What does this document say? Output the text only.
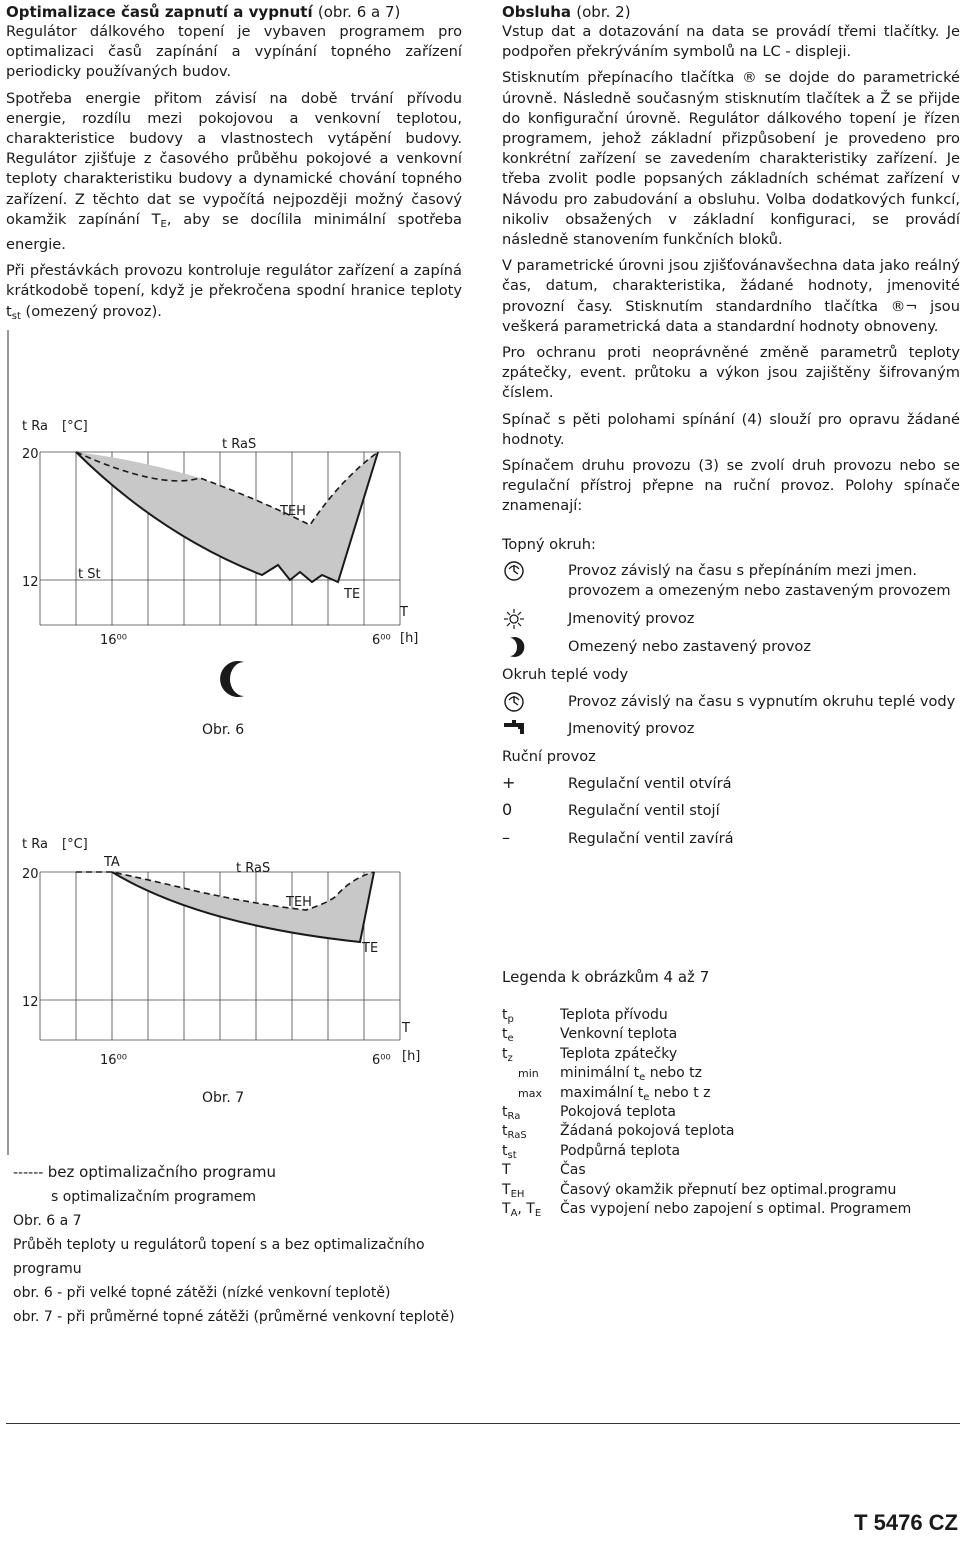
Optimalizace časů zapnutí a vypnutí (obr. 6 a 7)

Regulátor dálkového topení je vybaven programem pro optimalizaci časů zapínání a vypínání topného zařízení periodicky používaných budov.

Spotřeba energie přitom závisí na době trvání přívodu energie, rozdílu mezi pokojovou a venkovní teplotou, charakteristice budovy a vlastnostech vytápění budovy. Regulátor zjišťuje z časového průběhu pokojové a venkovní teploty charakteristiku budovy a dynamické chování topného zařízení. Z těchto dat se vypočítá nejpozději možný časový okamžik zapínání $T_E$, aby se docílila minimální spotřeba energie.

Při přestávkách provozu kontroluje regulátor zařízení a zapíná krátkodobě topení, když je překročena spodní hranice teploty $t_{st}$ (omezený provoz).

t Ra [°C]
20
12
t RaS
TEH
t St
TE
T
16⁰⁰	6⁰⁰ [h]
Obr. 6
t Ra [°C]
20
12
TA	t RaS
TEH
TE
T
16⁰⁰	6⁰⁰ [h]
Obr. 7
------ bez optimalizačního programu
s optimalizačním programem
Obr. 6 a 7
Průběh teploty u regulátorů topení s a bez optimalizačního programu
obr. 6 - při velké topné zátěži (nízké venkovní teplotě)
obr. 7 - při průměrné topné zátěži (průměrné venkovní teplotě)
Obsluha (obr. 2)

Vstup dat a dotazování na data se provádí třemi tlačítky. Je podpořen překrýváním symbolů na LC - displeji.

Stisknutím přepínacího tlačítka ® se dojde do parametrické úrovně. Následně současným stisknutím tlačítek a Ž se přijde do konfigurační úrovně. Regulátor dálkového topení je řízen programem, jehož základní přizpůsobení je provedeno pro konkrétní zařízení se zavedením charakteristiky zařízení. Je třeba zvolit podle popsaných základních schémat zařízení v Návodu pro zabudování a obsluhu. Volba dodatkových funkcí, nikoliv obsažených v základní konfiguraci, se provádí následně stanovením funkčních bloků.

V parametrické úrovni jsou zjišťovánavšechna data jako reálný čas, datum, charakteristika, žádané hodnoty, jmenovité provozní časy. Stisknutím standardního tlačítka ®¬ jsou veškerá parametrická data a standardní hodnoty obnoveny.

Pro ochranu proti neoprávněné změně parametrů teploty zpátečky, event. průtoku a výkon jsou zajištěny šifrovaným číslem.

Spínač s pěti polohami spínání (4) slouží pro opravu žádané hodnoty.

Spínačem druhu provozu (3) se zvolí druh provozu nebo se regulační přístroj přepne na ruční provoz. Polohy spínače znamenají:

Topný okruh:
Provoz závislý na času s přepínáním mezi jmen. provozem a omezeným nebo zastaveným provozem
Jmenovitý provoz
Omezený nebo zastavený provoz
Okruh teplé vody
Provoz závislý na času s vypnutím okruhu teplé vody
Jmenovitý provoz
Ruční provoz
+	Regulační ventil otvírá
0	Regulační ventil stojí
–	Regulační ventil zavírá
Legenda k obrázkům 4 až 7
$t_p$	Teplota přívodu
$t_e$	Venkovní teplota
$t_z$	Teplota zpátečky
min	minimální $t_e$ nebo tz
max	maximální $t_e$ nebo t z
$t_{Ra}$	Pokojová teplota
$t_{RaS}$	Žádaná pokojová teplota
$t_{st}$	Podpůrná teplota
T	Čas
$T_{EH}$	Časový okamžik přepnutí bez optimal.programu
$T_A$, $T_E$	Čas vypojení nebo zapojení s optimal. Programem
T 5476 CZ
